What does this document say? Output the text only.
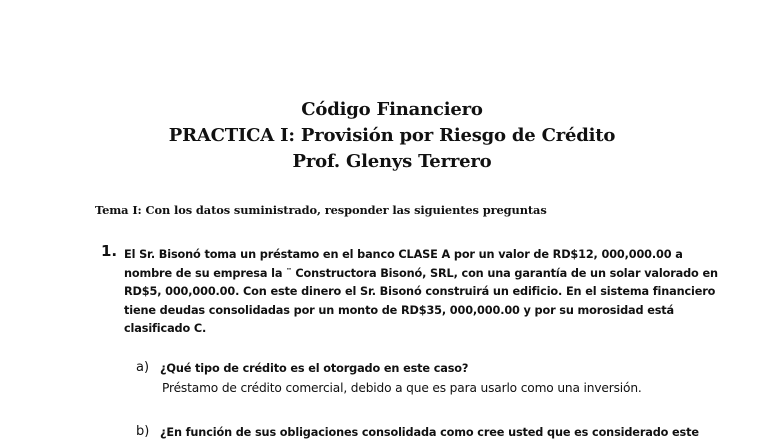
Código Financiero
PRACTICA I: Provisión por Riesgo de Crédito
Prof. Glenys Terrero
Tema I: Con los datos suministrado, responder las siguientes preguntas
1. El Sr. Bisonó toma un préstamo en el banco CLASE A por un valor de RD$12, 000,000.00 a
nombre de su empresa la ¨ Constructora Bisonó, SRL, con una garantía de un solar valorado en
RD$5, 000,000.00. Con este dinero el Sr. Bisonó construirá un edificio. En el sistema financiero
tiene deudas consolidadas por un monto de RD$35, 000,000.00 y por su morosidad está
clasificado C.
a) ¿Qué tipo de crédito es el otorgado en este caso?
Préstamo de crédito comercial, debido a que es para usarlo como una inversión.
b) ¿En función de sus obligaciones consolidada como cree usted que es considerado este
